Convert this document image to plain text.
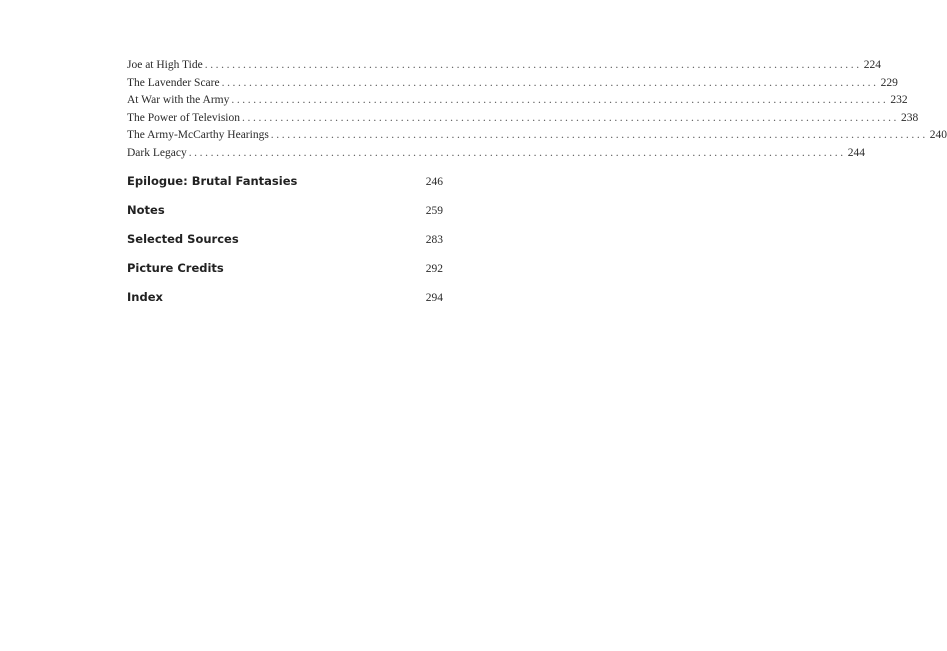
Joe at High Tide ........................................................................................................................ 224
The Lavender Scare ........................................................................................................................ 229
At War with the Army ........................................................................................................................ 232
The Power of Television ........................................................................................................................ 238
The Army-McCarthy Hearings ........................................................................................................................ 240
Dark Legacy ........................................................................................................................ 244
Epilogue: Brutal Fantasies	246
Notes	259
Selected Sources	283
Picture Credits	292
Index	294
